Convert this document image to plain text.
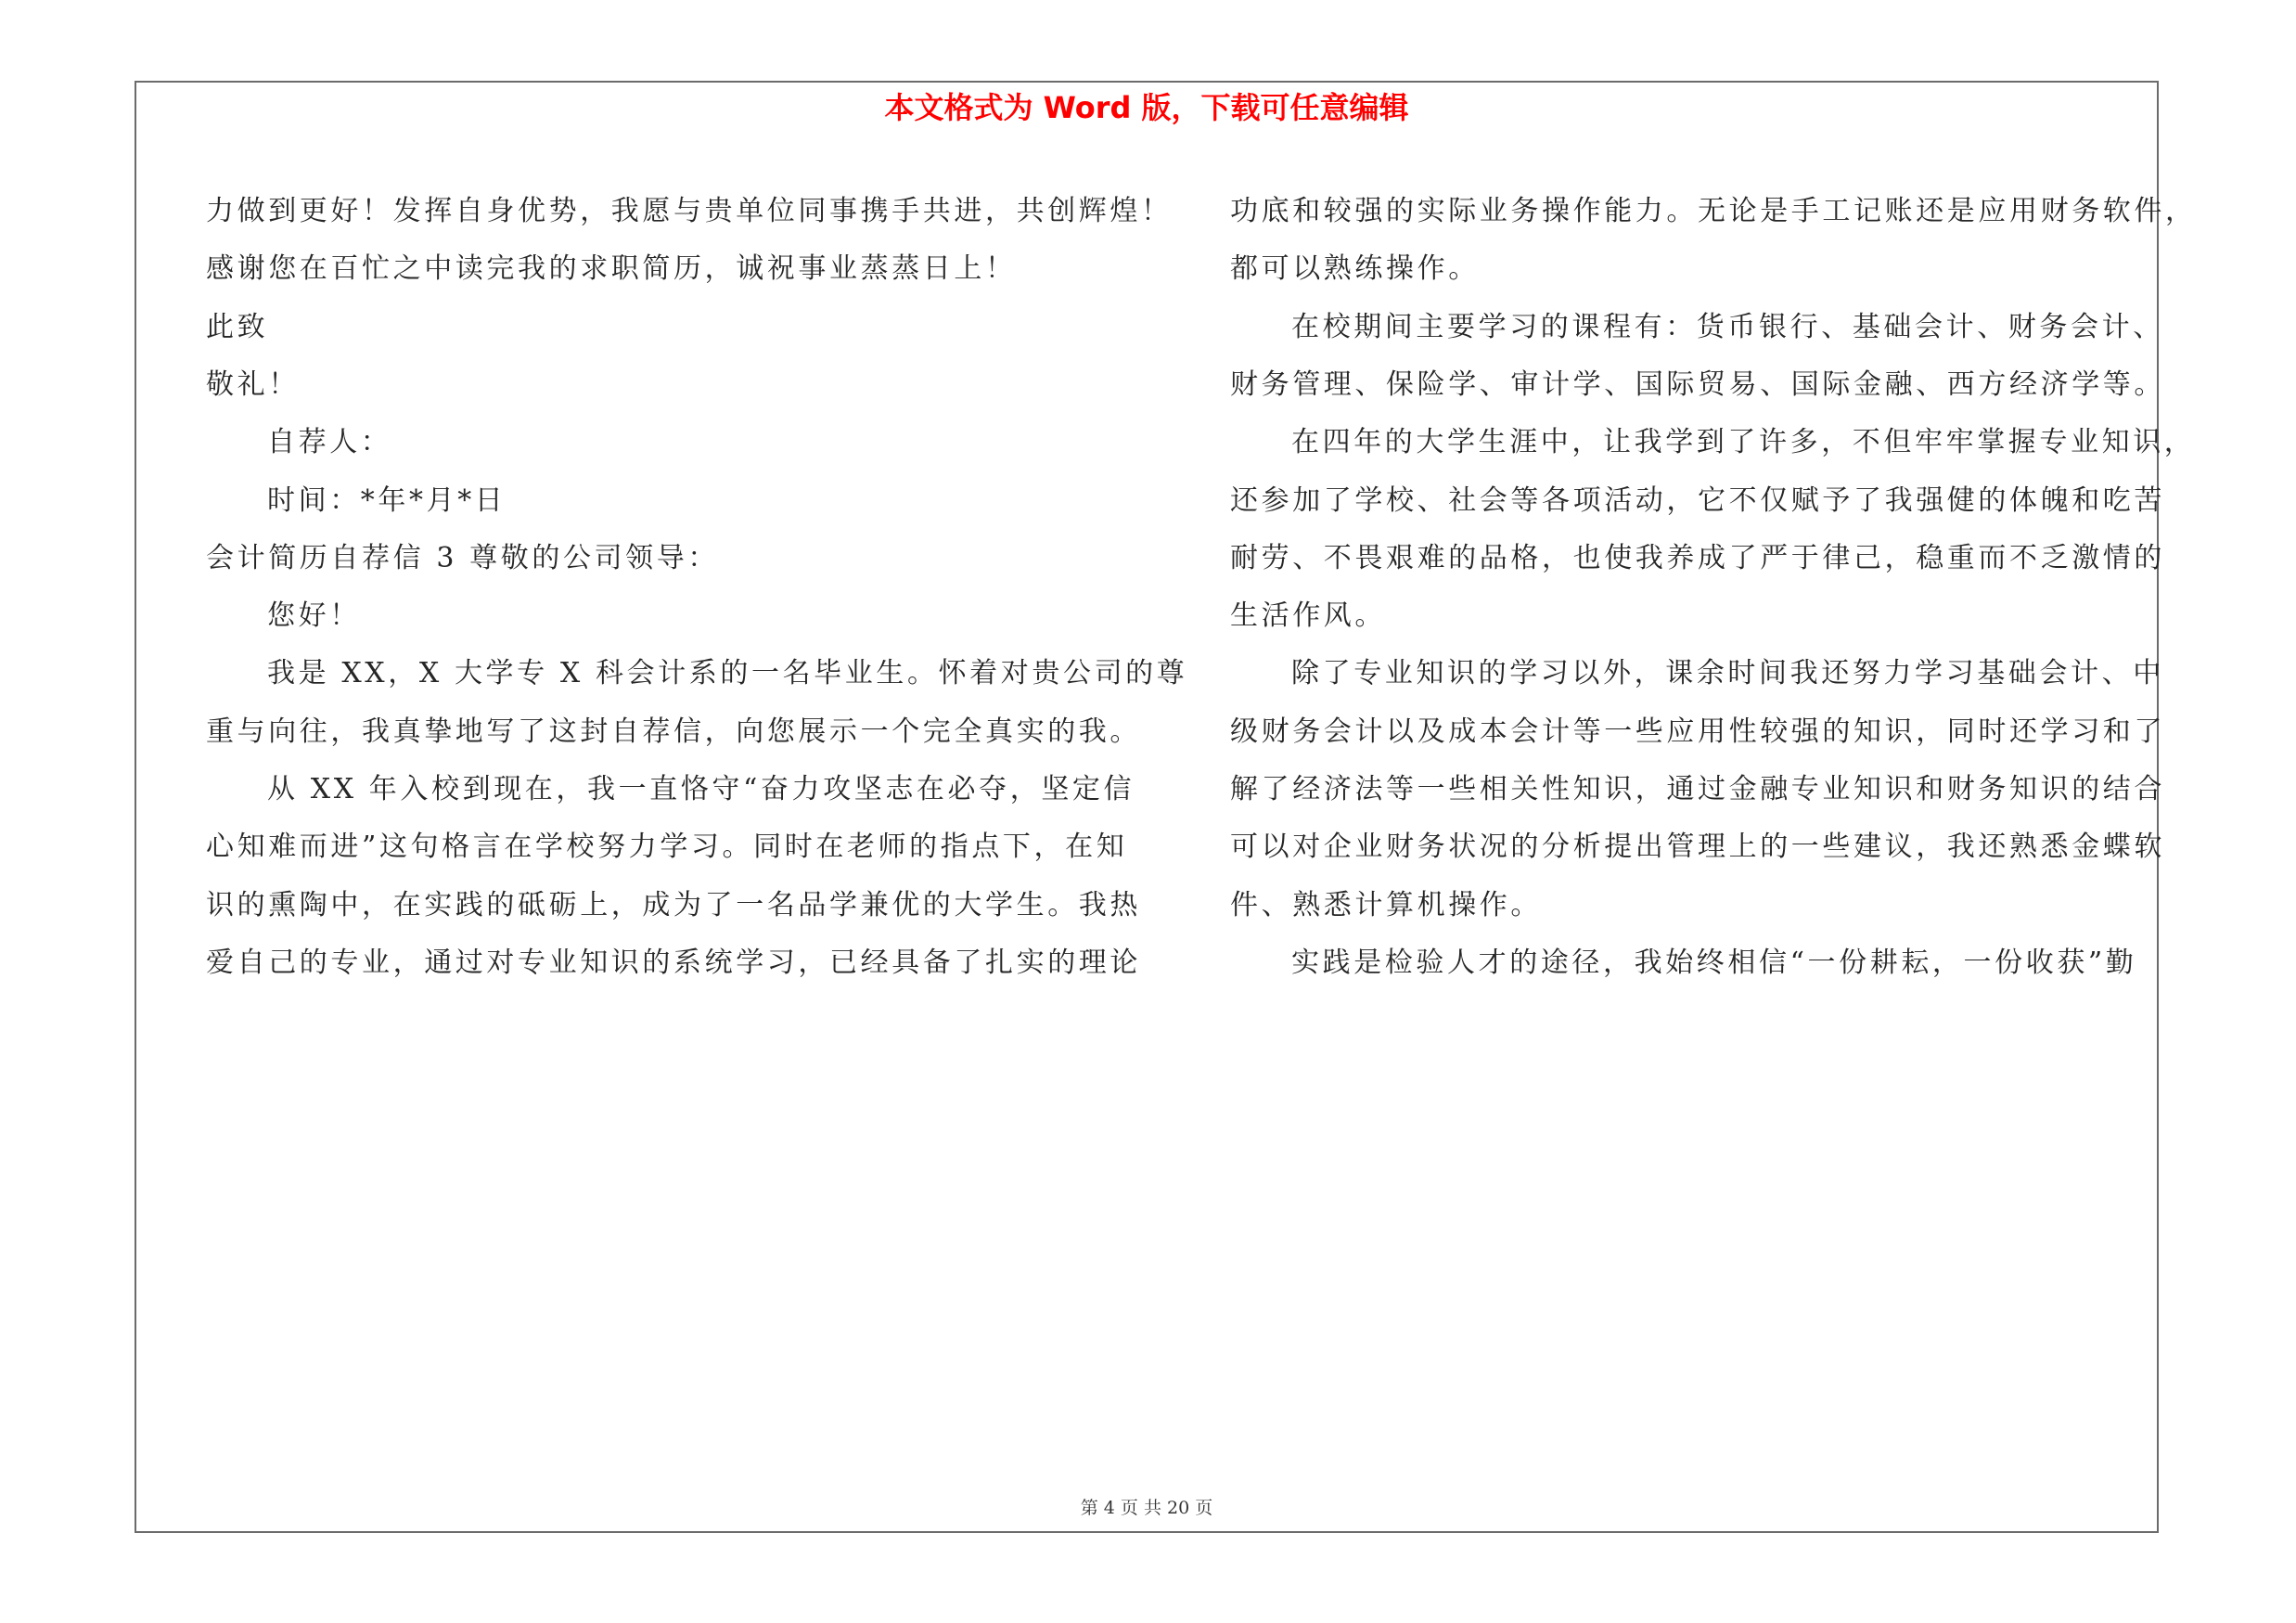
本文格式为 Word 版，下载可任意编辑
力做到更好！发挥自身优势，我愿与贵单位同事携手共进，共创辉煌！
感谢您在百忙之中读完我的求职简历，诚祝事业蒸蒸日上！
此致
敬礼！
自荐人：
时间：*年*月*日
会计简历自荐信 3 尊敬的公司领导：
您好！
我是 XX，X 大学专 X 科会计系的一名毕业生。怀着对贵公司的尊
重与向往，我真挚地写了这封自荐信，向您展示一个完全真实的我。
从 XX 年入校到现在，我一直恪守“奋力攻坚志在必夺，坚定信
心知难而进”这句格言在学校努力学习。同时在老师的指点下，在知
识的熏陶中，在实践的砥砺上，成为了一名品学兼优的大学生。我热
爱自己的专业，通过对专业知识的系统学习，已经具备了扎实的理论
功底和较强的实际业务操作能力。无论是手工记账还是应用财务软件，
都可以熟练操作。
在校期间主要学习的课程有：货币银行、基础会计、财务会计、
财务管理、保险学、审计学、国际贸易、国际金融、西方经济学等。
在四年的大学生涯中，让我学到了许多，不但牢牢掌握专业知识，
还参加了学校、社会等各项活动，它不仅赋予了我强健的体魄和吃苦
耐劳、不畏艰难的品格，也使我养成了严于律己，稳重而不乏激情的
生活作风。
除了专业知识的学习以外，课余时间我还努力学习基础会计、中
级财务会计以及成本会计等一些应用性较强的知识，同时还学习和了
解了经济法等一些相关性知识，通过金融专业知识和财务知识的结合
可以对企业财务状况的分析提出管理上的一些建议，我还熟悉金蝶软
件、熟悉计算机操作。
实践是检验人才的途径，我始终相信“一份耕耘，一份收获”勤
第 4 页 共 20 页
